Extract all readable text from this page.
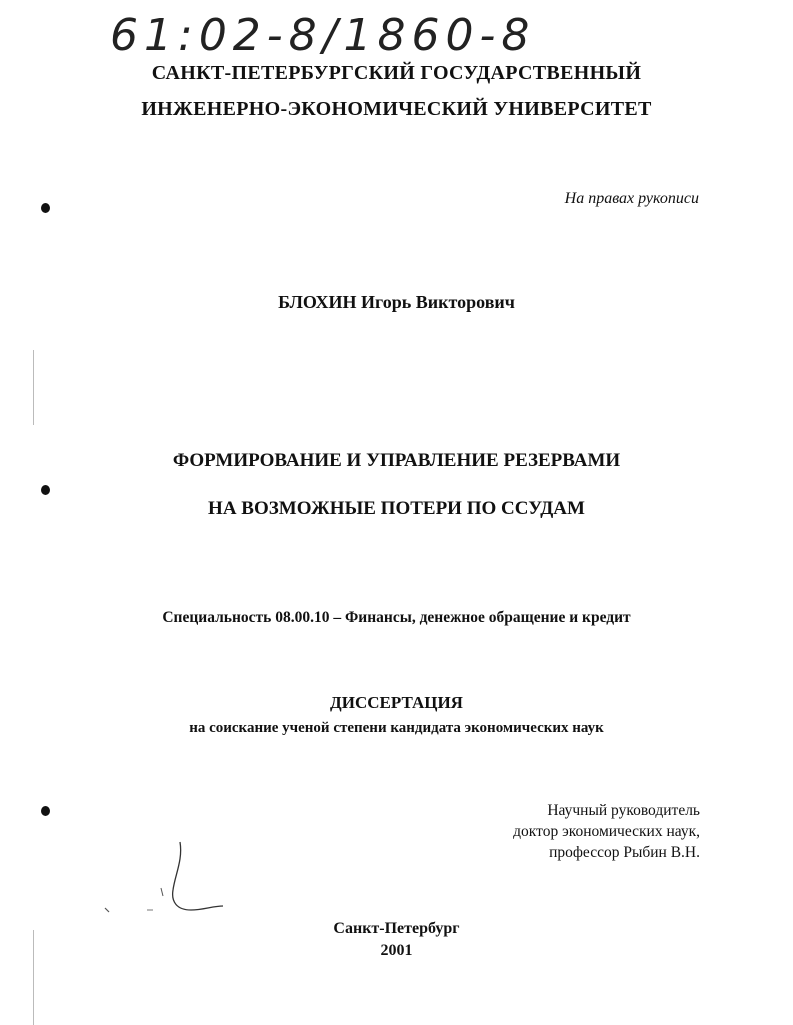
61:02-8/1860-8
САНКТ-ПЕТЕРБУРГСКИЙ ГОСУДАРСТВЕННЫЙ
ИНЖЕНЕРНО-ЭКОНОМИЧЕСКИЙ УНИВЕРСИТЕТ
На правах рукописи
БЛОХИН Игорь Викторович
ФОРМИРОВАНИЕ И УПРАВЛЕНИЕ РЕЗЕРВАМИ
НА ВОЗМОЖНЫЕ ПОТЕРИ ПО ССУДАМ
Специальность 08.00.10 – Финансы, денежное обращение и кредит
ДИССЕРТАЦИЯ
на соискание ученой степени кандидата экономических наук
Научный руководитель
доктор экономических наук,
профессор Рыбин В.Н.
Санкт-Петербург
2001
